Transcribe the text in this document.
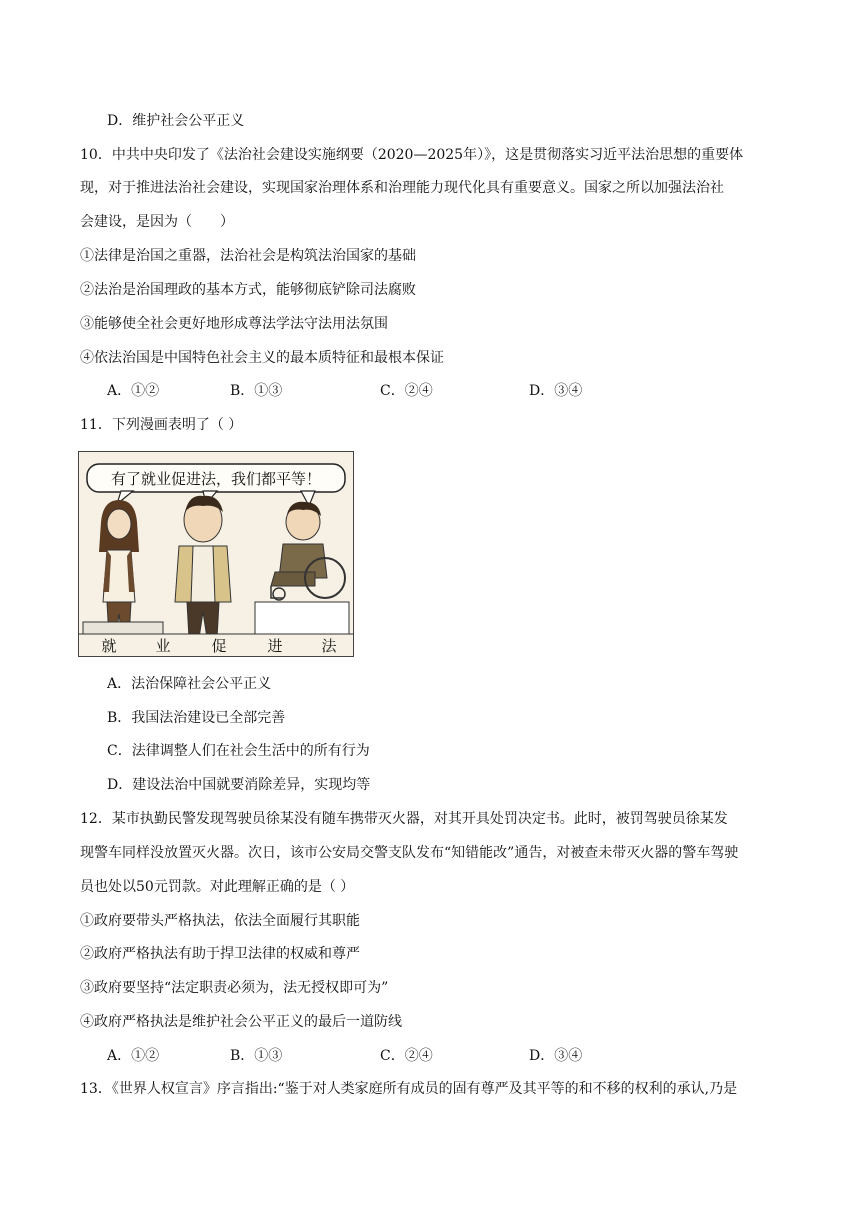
D．维护社会公平正义
10．中共中央印发了《法治社会建设实施纲要（2020—2025年）》，这是贯彻落实习近平法治思想的重要体
现，对于推进法治社会建设，实现国家治理体系和治理能力现代化具有重要意义。国家之所以加强法治社
会建设，是因为（　　）
①法律是治国之重器，法治社会是构筑法治国家的基础
②法治是治国理政的基本方式，能够彻底铲除司法腐败
③能够使全社会更好地形成尊法学法守法用法氛围
④依法治国是中国特色社会主义的最本质特征和最根本保证
A．①②	B．①③	C．②④	D．③④
11．下列漫画表明了（ ）
有了就业促进法，我们都平等！
就	业	促	进	法
A．法治保障社会公平正义
B．我国法治建设已全部完善
C．法律调整人们在社会生活中的所有行为
D．建设法治中国就要消除差异，实现均等
12．某市执勤民警发现驾驶员徐某没有随车携带灭火器，对其开具处罚决定书。此时，被罚驾驶员徐某发
现警车同样没放置灭火器。次日，该市公安局交警支队发布“知错能改”通告，对被查未带灭火器的警车驾驶
员也处以50元罚款。对此理解正确的是（ ）
①政府要带头严格执法，依法全面履行其职能
②政府严格执法有助于捍卫法律的权威和尊严
③政府要坚持“法定职责必须为，法无授权即可为”
④政府严格执法是维护社会公平正义的最后一道防线
A．①②	B．①③	C．②④	D．③④
13．《世界人权宣言》序言指出:“鉴于对人类家庭所有成员的固有尊严及其平等的和不移的权利的承认,乃是
